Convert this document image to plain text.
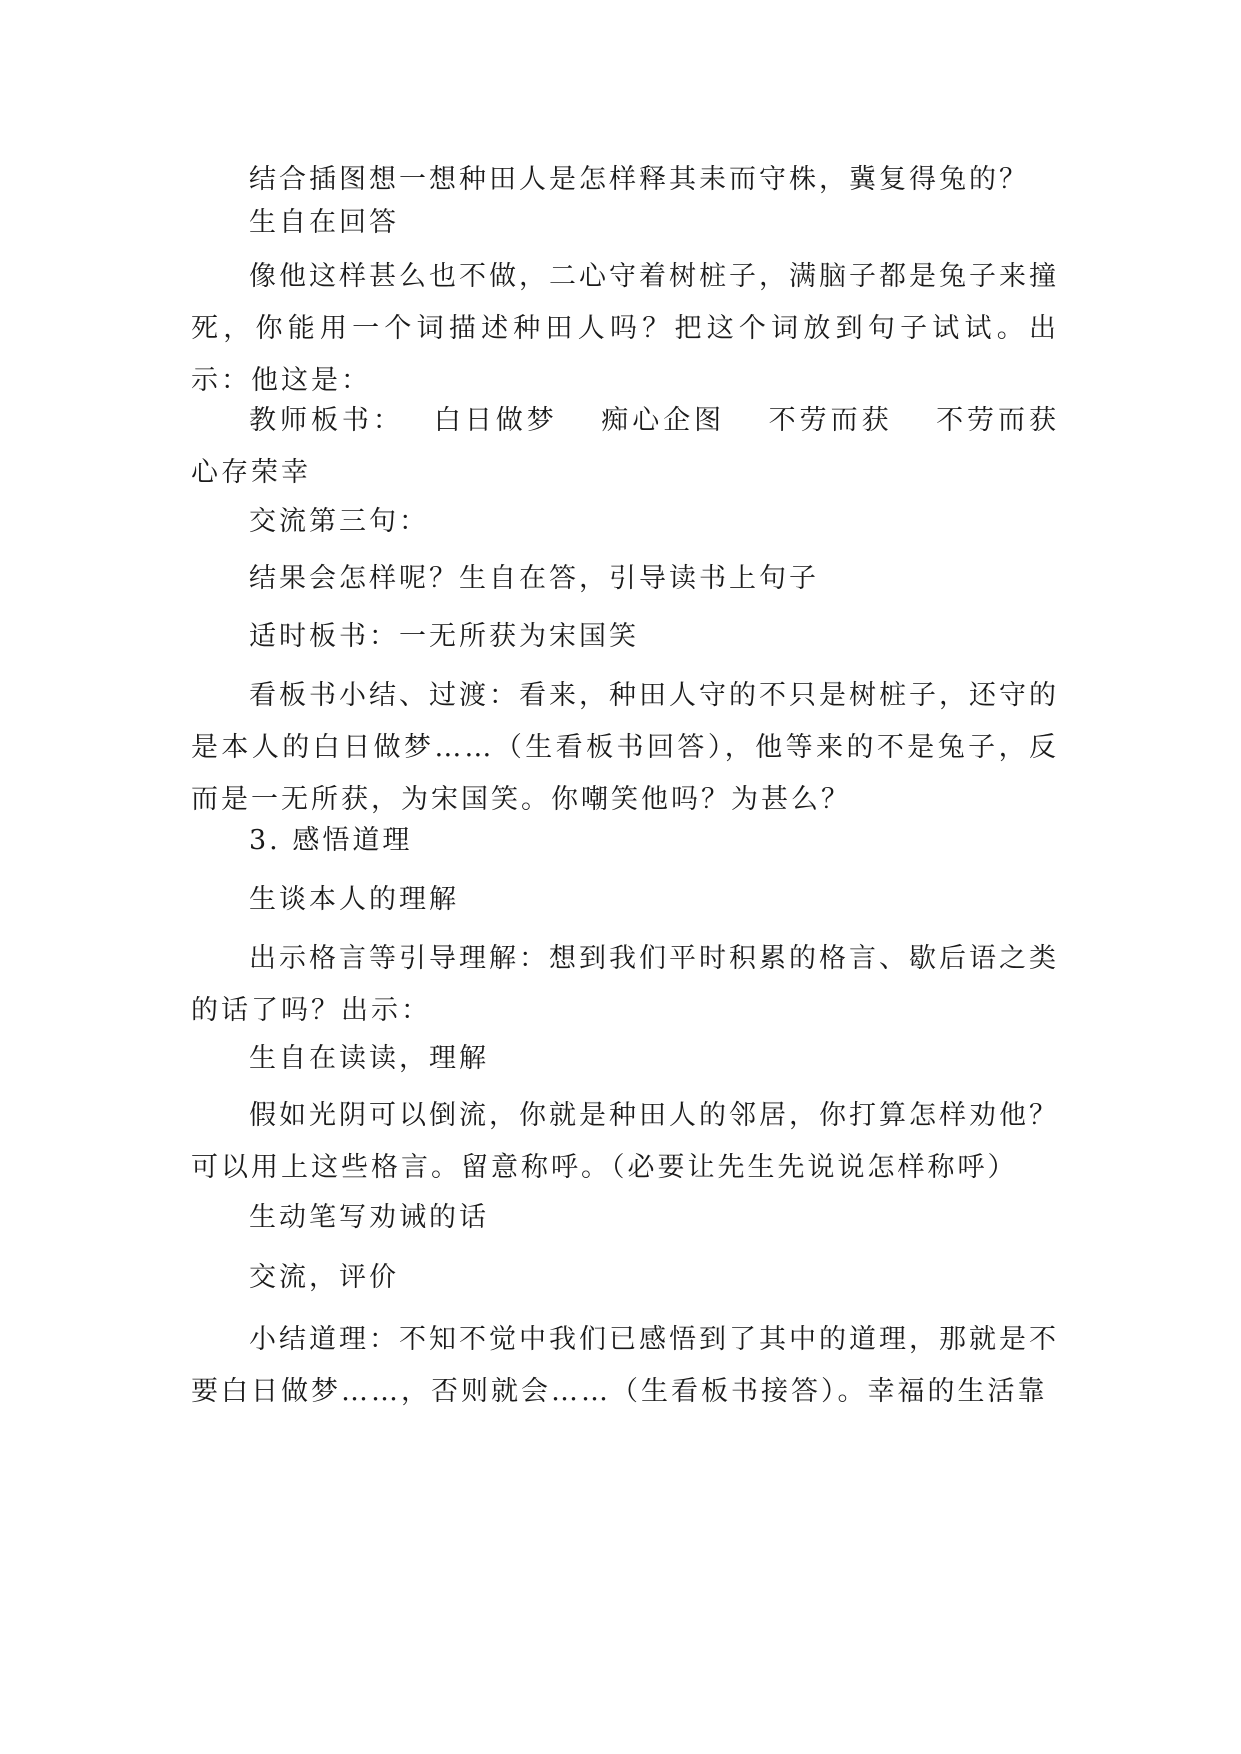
结合插图想一想种田人是怎样释其耒而守株，冀复得兔的？

生自在回答

像他这样甚么也不做，二心守着树桩子，满脑子都是兔子来撞死，你能用一个词描述种田人吗？把这个词放到句子试试。出示：他这是：

教师板书：　 白日做梦　 痴心企图　 不劳而获　 不劳而获心存荣幸

交流第三句：

结果会怎样呢？生自在答，引导读书上句子

适时板书：一无所获为宋国笑

看板书小结、过渡：看来，种田人守的不只是树桩子，还守的是本人的白日做梦……（生看板书回答），他等来的不是兔子，反而是一无所获，为宋国笑。你嘲笑他吗？为甚么？

3. 感悟道理

生谈本人的理解

出示格言等引导理解：想到我们平时积累的格言、歇后语之类的话了吗？出示：

生自在读读，理解

假如光阴可以倒流，你就是种田人的邻居，你打算怎样劝他？可以用上这些格言。留意称呼。（必要让先生先说说怎样称呼）

生动笔写劝诫的话

交流，评价

小结道理：不知不觉中我们已感悟到了其中的道理，那就是不要白日做梦……，否则就会……（生看板书接答）。幸福的生活靠
